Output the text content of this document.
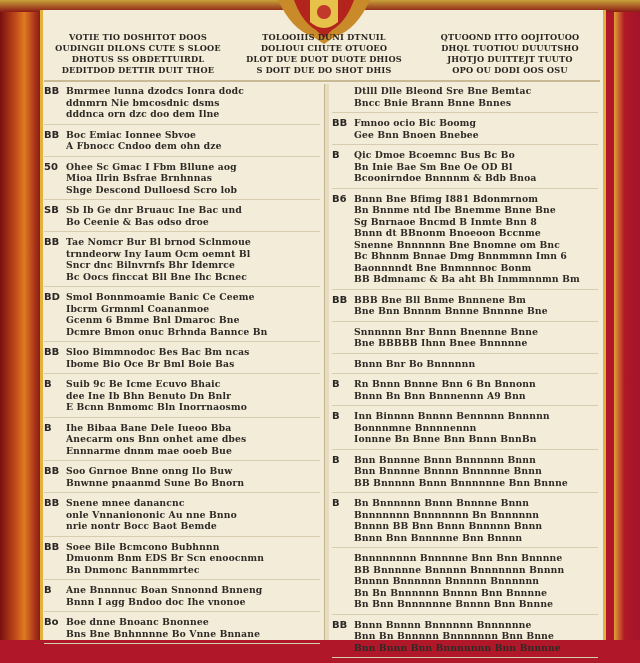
VOTIE TIO DOSHITOT DOOS
OUDINGII DILONS CUTE S SLOOE
DHOTUS SS OBDETTUIRDL
DEDITDOD DETTIR DUIT THOE
TOLOOIIIS DUNI DTNUIL
DOLIOUI CIIUTE OTUOEO
DLOT DUE DUOT DUOTE DHIOS
S DOIT DUE DO SHOT DHIS
QTUOOND ITTO OOJITOUOO
DHQL TUOTIOU DUUUTSHO
JHOTJO DUITTEJT TUUTO
OPO OU DODI OOS OSU
BB Bmrmee lunna dzodcs Ionra dodc
ddnmrn Nie bmcosdnic dsms
dddnca orn dzc doo dem Ilne
BB Boc Emiac Ionnee Sbvoe
A Fbnocc Cndoo dem ohn dze
50 Ohee Sc Gmac I Fbm Bllune aog
Mioa Ilrin Bsfrae Brnhnnas
Shge Descond Dulloesd Scro lob
SB Sb Ib Ge dnr Bruauc Ine Bac und
Bo Ceenie & Bas odso droe
BB Tae Nomcr Bur Bl brnod Sclnmoue
trnndeorw Iny Iaum Ocm oemnt Bl
Sncr dnc Bilnvrnfs Bhr Idemrce
Bc Oocs finccat Bll Bne Ihc Bcnec
BD Smol Bonnmoamie Banic Ce Ceeme
Ibcrm Grmnml Coananmoe
Gcenm 6 Bmme Bnl Dmaroc Bne
Dcmre Bmon onuc Brhnda Bannce Bn
BB Sloo Bimmnodoc Bes Bac Bm ncas
Ibome Bio Oce Br Bml Boie Bas
B	Suib 9c Be Icme Ecuvo Bhaic
dee Ine Ib Bhn Benuto Dn Bnlr
E Bcnn Bnmomc Bln Inorrnaosmo
B	Ihe Bibaa Bane Dele Iueoo Bba
Anecarm ons Bnn onhet ame dbes
Ennnarme dnnm mae ooeb Bue
BB Soo Gnrnoe Bnne onng Ilo Buw
Bnwnne pnaanmd Sune Bo Bnorn
BB Snene mnee danancnc
onle Vnnaniononic Au nne Bnno
nrie nontr Bocc Baot Bemde
BB Soee Bile Bcmcono Bubhnnn
Dmuonm Bnm EDS Br Scn enoocnmn
Bn Dnmonc Bannmmrtec
B	Ane Bnnnnuc Boan Snnonnd Bnneng
Bnnn I agg Bndoo doc Ihe vnonoe
Bo Boe dnne Bnoanc Bnonnee
Bns Bne Bnhnnnne Bo Vnne Bnnane
Dtlll Dlle Bleond Sre Bne Bemtac
Bncc Bnie Brann Bnne Bnnes
BB Fmnoo ocio Bic Boomg
Gee Bnn Bnoen Bnebee
B	Qic Dmoe Bcoemnc Bus Bc Bo
Bn Inie Bae Sm Bne Oe OD Bl
Bcoonirndoe Bnnnnm & Bdb Bnoa
B6 Bnnn Bne Bfimg I881 Bdonmrnom
Bn Bnnme ntd Ibe Bnemme Bnne Bne
Sg Bnrnaoe Bncmd B Inmte Bnn 8
Bnnn dt BBnonm Bnoeoon Bccnme
Snenne Bnnnnnn Bne Bnomne om Bnc
Bc Bhnnm Bnnae Dmg Bnnmmnn Imn 6
Baonnnndt Bne Bnmnnnoc Bonm
BB Bdmnamc & Ba aht Bh Inmmnnmn Bm
BB BBB Bne Bll Bnme Bnnnene Bm
Bne Bnn Bnnnm Bnnne Bnnnne Bne
Snnnnnn Bnr Bnnn Bnennne Bnne
Bne BBBBB Ihnn Bnee Bnnnnne
Bnnn Bnr Bo Bnnnnnn
B	Rn Bnnn Bnnne Bnn 6 Bn Bnnonn
Bnnn Bn Bnn Bnnnennn A9 Bnn
B	Inn Binnnn Bnnnn Bennnnn Bnnnnn
Bonnnmne Bnnnnennn
Ionnne Bn Bnne Bnn Bnnn BnnBn
B	Bnn Bnnnne Bnnn Bnnnnnn Bnnn
Bnn Bnnnne Bnnnn Bnnnnne Bnnn
BB Bnnnnn Bnnn Bnnnnnne Bnn Bnnne
B	Bn Bnnnnnn Bnnn Bnnnne Bnnn
Bnnnnnnn Bnnnnnnn Bn Bnnnnnn
Bnnnn BB Bnn Bnnn Bnnnnn Bnnn
Bnnn Bnn Bnnnnne Bnn Bnnnn
Bnnnnnnnn Bnnnnne Bnn Bnn Bnnnne
BB Bnnnnne Bnnnnn Bnnnnnnn Bnnnn
Bnnnn Bnnnnnn Bnnnnn Bnnnnnn
Bn Bn Bnnnnnn Bnnnn Bnn Bnnnne
Bn Bnn Bnnnnnne Bnnnn Bnn Bnnne
BB Bnnn Bnnnn Bnnnnnn Bnnnnnne
Bnn Bn Bnnnnn Bnnnnnnn Bnn Bnne
Bnn Bnnn Bnn Bnnnnnnn Bnn Bnnnne
